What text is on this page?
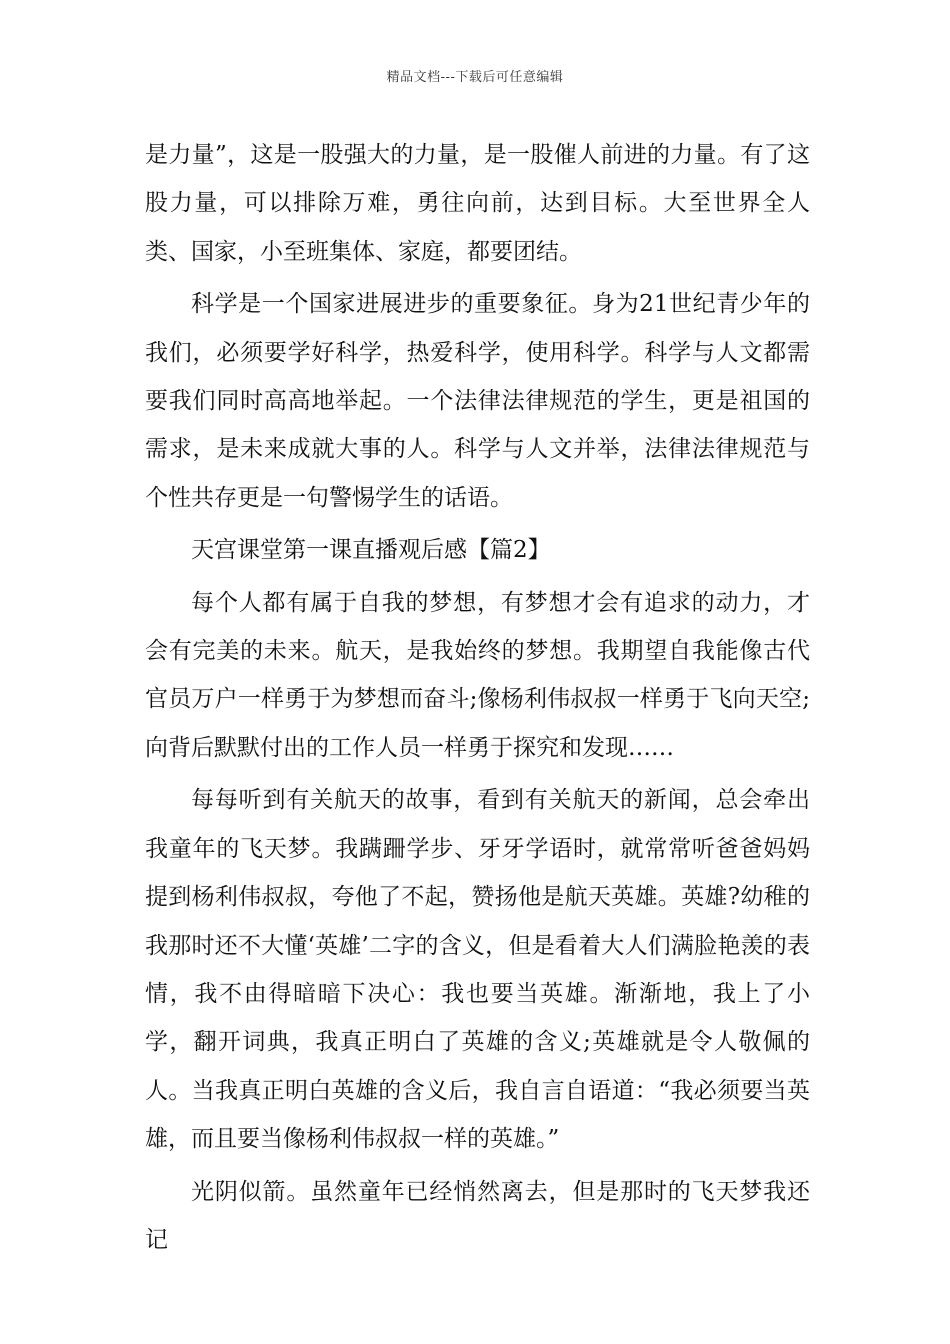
精品文档---下载后可任意编辑

是力量”，这是一股强大的力量，是一股催人前进的力量。有了这股力量，可以排除万难，勇往向前，达到目标。大至世界全人类、国家，小至班集体、家庭，都要团结。

科学是一个国家进展进步的重要象征。身为21世纪青少年的我们，必须要学好科学，热爱科学，使用科学。科学与人文都需要我们同时高高地举起。一个法律法律规范的学生，更是祖国的需求，是未来成就大事的人。科学与人文并举，法律法律规范与个性共存更是一句警惕学生的话语。

天宫课堂第一课直播观后感【篇2】

每个人都有属于自我的梦想，有梦想才会有追求的动力，才会有完美的未来。航天，是我始终的梦想。我期望自我能像古代官员万户一样勇于为梦想而奋斗;像杨利伟叔叔一样勇于飞向天空;向背后默默付出的工作人员一样勇于探究和发现……

每每听到有关航天的故事，看到有关航天的新闻，总会牵出我童年的飞天梦。我蹒跚学步、牙牙学语时，就常常听爸爸妈妈提到杨利伟叔叔，夸他了不起，赞扬他是航天英雄。英雄?幼稚的我那时还不大懂‘英雄’二字的含义，但是看着大人们满脸艳羡的表情，我不由得暗暗下决心：我也要当英雄。渐渐地，我上了小学，翻开词典，我真正明白了英雄的含义;英雄就是令人敬佩的人。当我真正明白英雄的含义后，我自言自语道：“我必须要当英雄，而且要当像杨利伟叔叔一样的英雄。”

光阴似箭。虽然童年已经悄然离去，但是那时的飞天梦我还记
